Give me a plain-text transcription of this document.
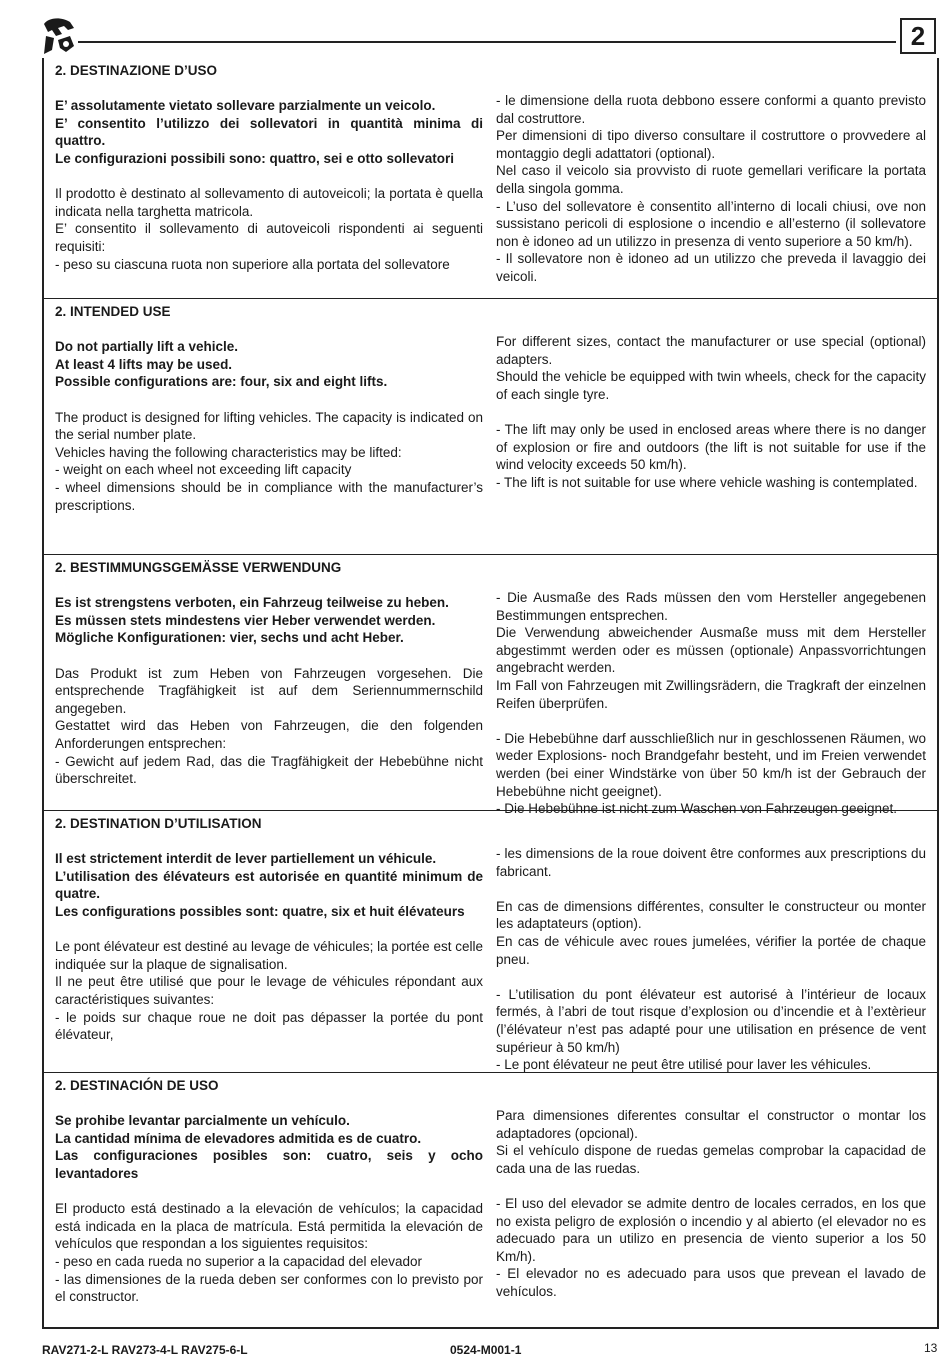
2
2. DESTINAZIONE D’USO

E’ assolutamente vietato sollevare parzialmente un veicolo.

E’ consentito l’utilizzo dei sollevatori in quantità minima di quattro.

Le configurazioni possibili sono: quattro, sei e otto sollevatori

Il prodotto è destinato al sollevamento di autoveicoli; la portata è quella indicata nella targhetta matricola.

E’ consentito il sollevamento di autoveicoli rispondenti ai seguenti requisiti:

- peso su ciascuna ruota non superiore alla portata del sollevatore

- le dimensione della ruota debbono essere conformi a quanto previsto dal costruttore.

Per dimensioni di tipo diverso consultare il costruttore o provvedere al montaggio degli adattatori (optional).

Nel caso il veicolo sia provvisto di ruote gemellari verificare la portata della singola gomma.

- L’uso del sollevatore è consentito all’interno di locali chiusi, ove non sussistano pericoli di esplosione o incendio e all’esterno (il sollevatore non è idoneo ad un utilizzo in presenza di vento superiore a 50 km/h).

- Il sollevatore non è idoneo ad un utilizzo che preveda il lavaggio dei veicoli.

2. INTENDED USE

Do not partially lift a vehicle.

At least 4 lifts may be used.

Possible configurations are: four, six and eight lifts.

The product is designed for lifting vehicles. The capacity is indicated on the serial number plate.

Vehicles having the following characteristics may be lifted:

- weight on each wheel not exceeding lift capacity

- wheel dimensions should be in compliance with the manufacturer’s prescriptions.

For different sizes, contact the manufacturer or use special (optional) adapters.

Should the vehicle be equipped with twin wheels, check for the capacity of each single tyre.

- The lift may only be used in enclosed areas where there is no danger of explosion or fire and outdoors (the lift is not suitable for use if the wind velocity exceeds 50 km/h).

- The lift is not suitable for use where vehicle washing is contemplated.

2. BESTIMMUNGSGEMÄSSE VERWENDUNG

Es ist strengstens verboten, ein Fahrzeug teilweise zu heben.

Es müssen stets mindestens vier Heber verwendet werden.

Mögliche Konfigurationen: vier, sechs und acht Heber.

Das Produkt ist zum Heben von Fahrzeugen vorgesehen. Die entsprechende Tragfähigkeit ist auf dem Seriennummernschild angegeben.

Gestattet wird das Heben von Fahrzeugen, die den folgenden Anforderungen entsprechen:

- Gewicht auf jedem Rad, das die Tragfähigkeit der Hebebühne nicht überschreitet.

- Die Ausmaße des Rads müssen den vom Hersteller angegebenen Bestimmungen entsprechen.

Die Verwendung abweichender Ausmaße muss mit dem Hersteller abgestimmt werden oder es müssen (optionale) Anpassvorrichtungen angebracht werden.

Im Fall von Fahrzeugen mit Zwillingsrädern, die Tragkraft der einzelnen Reifen überprüfen.

- Die Hebebühne darf ausschließlich nur in geschlossenen Räumen, wo weder Explosions- noch Brandgefahr besteht, und im Freien verwendet werden (bei einer Windstärke von über 50 km/h ist der Gebrauch der Hebebühne nicht geeignet).

- Die Hebebühne ist nicht zum Waschen von Fahrzeugen geeignet.

2. DESTINATION D’UTILISATION

Il est strictement interdit de lever partiellement un véhicule.

L’utilisation des élévateurs est autorisée en quantité minimum de quatre.

Les configurations possibles sont: quatre, six et huit élévateurs

Le pont élévateur est destiné au levage de véhicules; la portée est celle indiquée sur la plaque de signalisation.

Il ne peut être utilisé que pour le levage de véhicules répondant aux caractéristiques suivantes:

- le poids sur chaque roue ne doit pas dépasser la portée du pont élévateur,

- les dimensions de la roue doivent être conformes aux prescriptions du fabricant.

En cas de dimensions différentes, consulter le constructeur ou monter les adaptateurs (option).

En cas de véhicule avec roues jumelées, vérifier la portée de chaque pneu.

- L’utilisation du pont élévateur est autorisé à l’intérieur de locaux fermés, à l’abri de tout risque d’explosion ou d’incendie et à l’extèrieur (l’élévateur n’est pas adapté pour une utilisation en présence de vent supérieur à 50 km/h)

- Le pont élévateur ne peut être utilisé pour laver les véhicules.

2. DESTINACIÓN DE USO

Se prohibe levantar parcialmente un vehículo.

La cantidad mínima de elevadores admitida es de cuatro.

Las configuraciones posibles son: cuatro, seis y ocho levantadores

El producto está destinado a la elevación de vehículos; la capacidad está indicada en la placa de matrícula. Está permitida la elevación de vehículos que respondan a los siguientes requisitos:

- peso en cada rueda no superior a la capacidad del elevador

- las dimensiones de la rueda deben ser conformes con lo previsto por el constructor.

Para dimensiones diferentes consultar el constructor o montar los adaptadores (opcional).

Si el vehículo dispone de ruedas gemelas comprobar la capacidad de cada una de las ruedas.

- El uso del elevador se admite dentro de locales cerrados, en los que no exista peligro de explosión o incendio y al abierto (el elevador no es adecuado para un utilizo en presencia de viento superior a los 50 Km/h).

- El elevador no es adecuado para usos que prevean el lavado de vehículos.

RAV271-2-L RAV273-4-L RAV275-6-L	0524-M001-1	13
